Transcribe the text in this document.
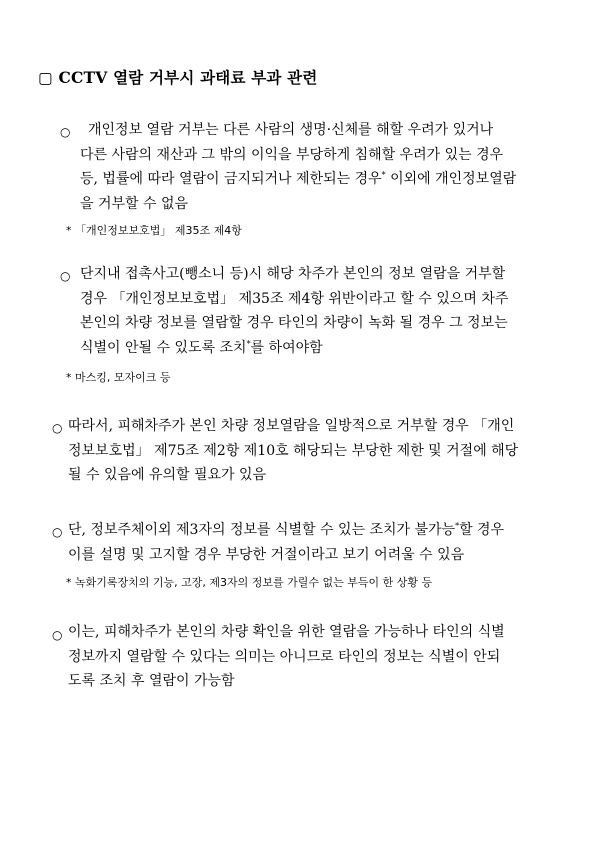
▢ CCTV 열람 거부시 과태료 부과 관련
○	개인정보 열람 거부는 다른 사람의 생명·신체를 해할 우려가 있거나
다른 사람의 재산과 그 밖의 이익을 부당하게 침해할 우려가 있는 경우
등, 법률에 따라 열람이 금지되거나 제한되는 경우* 이외에 개인정보열람
을 거부할 수 없음
* 「개인정보보호법」 제35조 제4항
○ 단지내 접촉사고(뺑소니 등)시 해당 차주가 본인의 정보 열람을 거부할
경우 「개인정보보호법」 제35조 제4항 위반이라고 할 수 있으며 차주
본인의 차량 정보를 열람할 경우 타인의 차량이 녹화 될 경우 그 정보는
식별이 안될 수 있도록 조치*를 하여야함
* 마스킹, 모자이크 등
○ 따라서, 피해차주가 본인 차량 정보열람을 일방적으로 거부할 경우 「개인
정보보호법」 제75조 제2항 제10호 해당되는 부당한 제한 및 거절에 해당
될 수 있음에 유의할 필요가 있음
○ 단, 정보주체이외 제3자의 정보를 식별할 수 있는 조치가 불가능*할 경우
이를 설명 및 고지할 경우 부당한 거절이라고 보기 어려울 수 있음
* 녹화기록장치의 기능, 고장, 제3자의 정보를 가릴수 없는 부득이 한 상황 등
○ 이는, 피해차주가 본인의 차량 확인을 위한 열람을 가능하나 타인의 식별
정보까지 열람할 수 있다는 의미는 아니므로 타인의 정보는 식별이 안되
도록 조치 후 열람이 가능함
